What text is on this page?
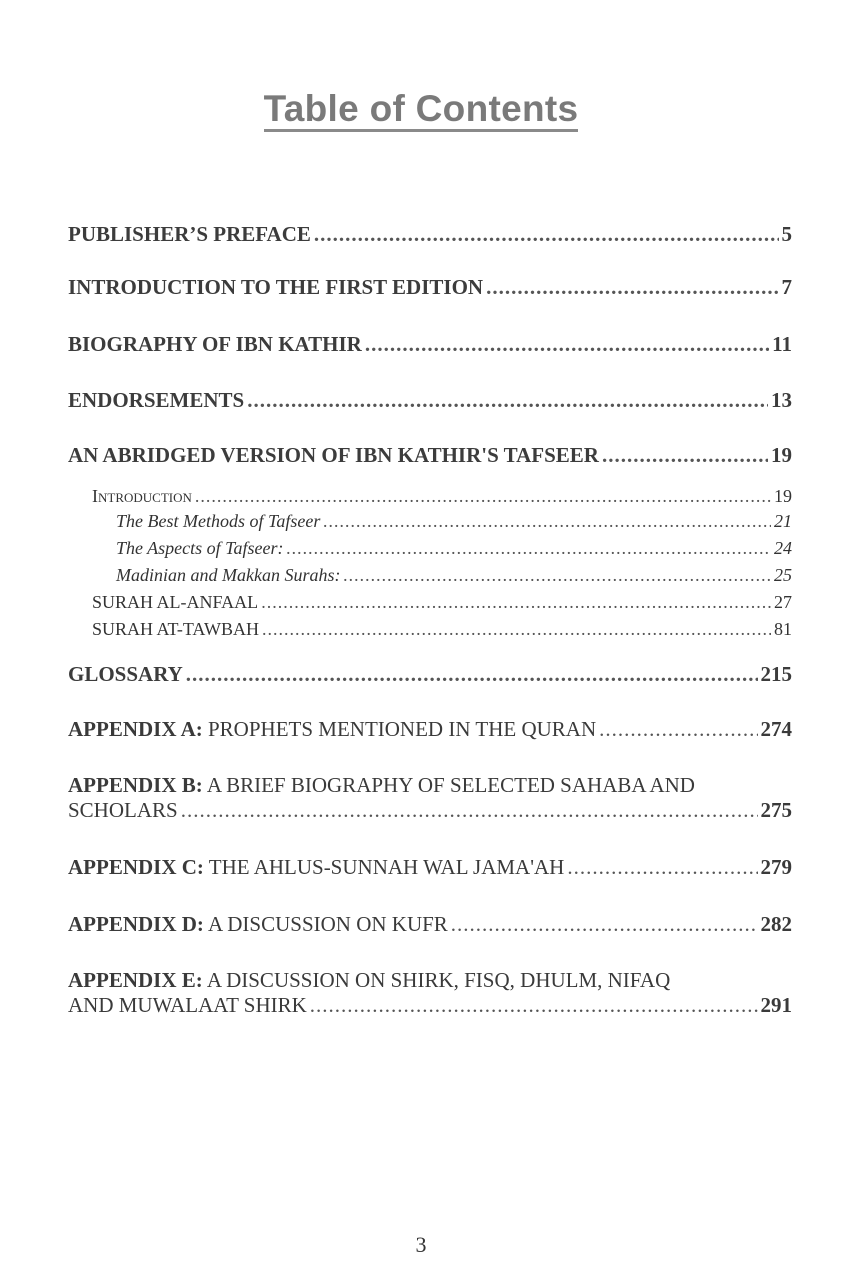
Table of Contents
PUBLISHER’S PREFACE .....	5
INTRODUCTION TO THE FIRST EDITION .....	7
BIOGRAPHY OF IBN KATHIR .....	11
ENDORSEMENTS .....	13
AN ABRIDGED VERSION OF IBN KATHIR'S TAFSEER .....	19
Introduction .....	19
The Best Methods of Tafseer .....	21
The Aspects of Tafseer: .....	24
Madinian and Makkan Surahs: .....	25
SURAH AL-ANFAAL .....	27
SURAH AT-TAWBAH .....	81
GLOSSARY .....	215
APPENDIX A: PROPHETS MENTIONED IN THE QURAN .....	274
APPENDIX B: A BRIEF BIOGRAPHY OF SELECTED SAHABA AND
SCHOLARS .....	275
APPENDIX C: THE AHLUS-SUNNAH WAL JAMA'AH .....	279
APPENDIX D: A DISCUSSION ON KUFR .....	282
APPENDIX E: A DISCUSSION ON SHIRK, FISQ, DHULM, NIFAQ
AND MUWALAAT SHIRK .....	291
3
